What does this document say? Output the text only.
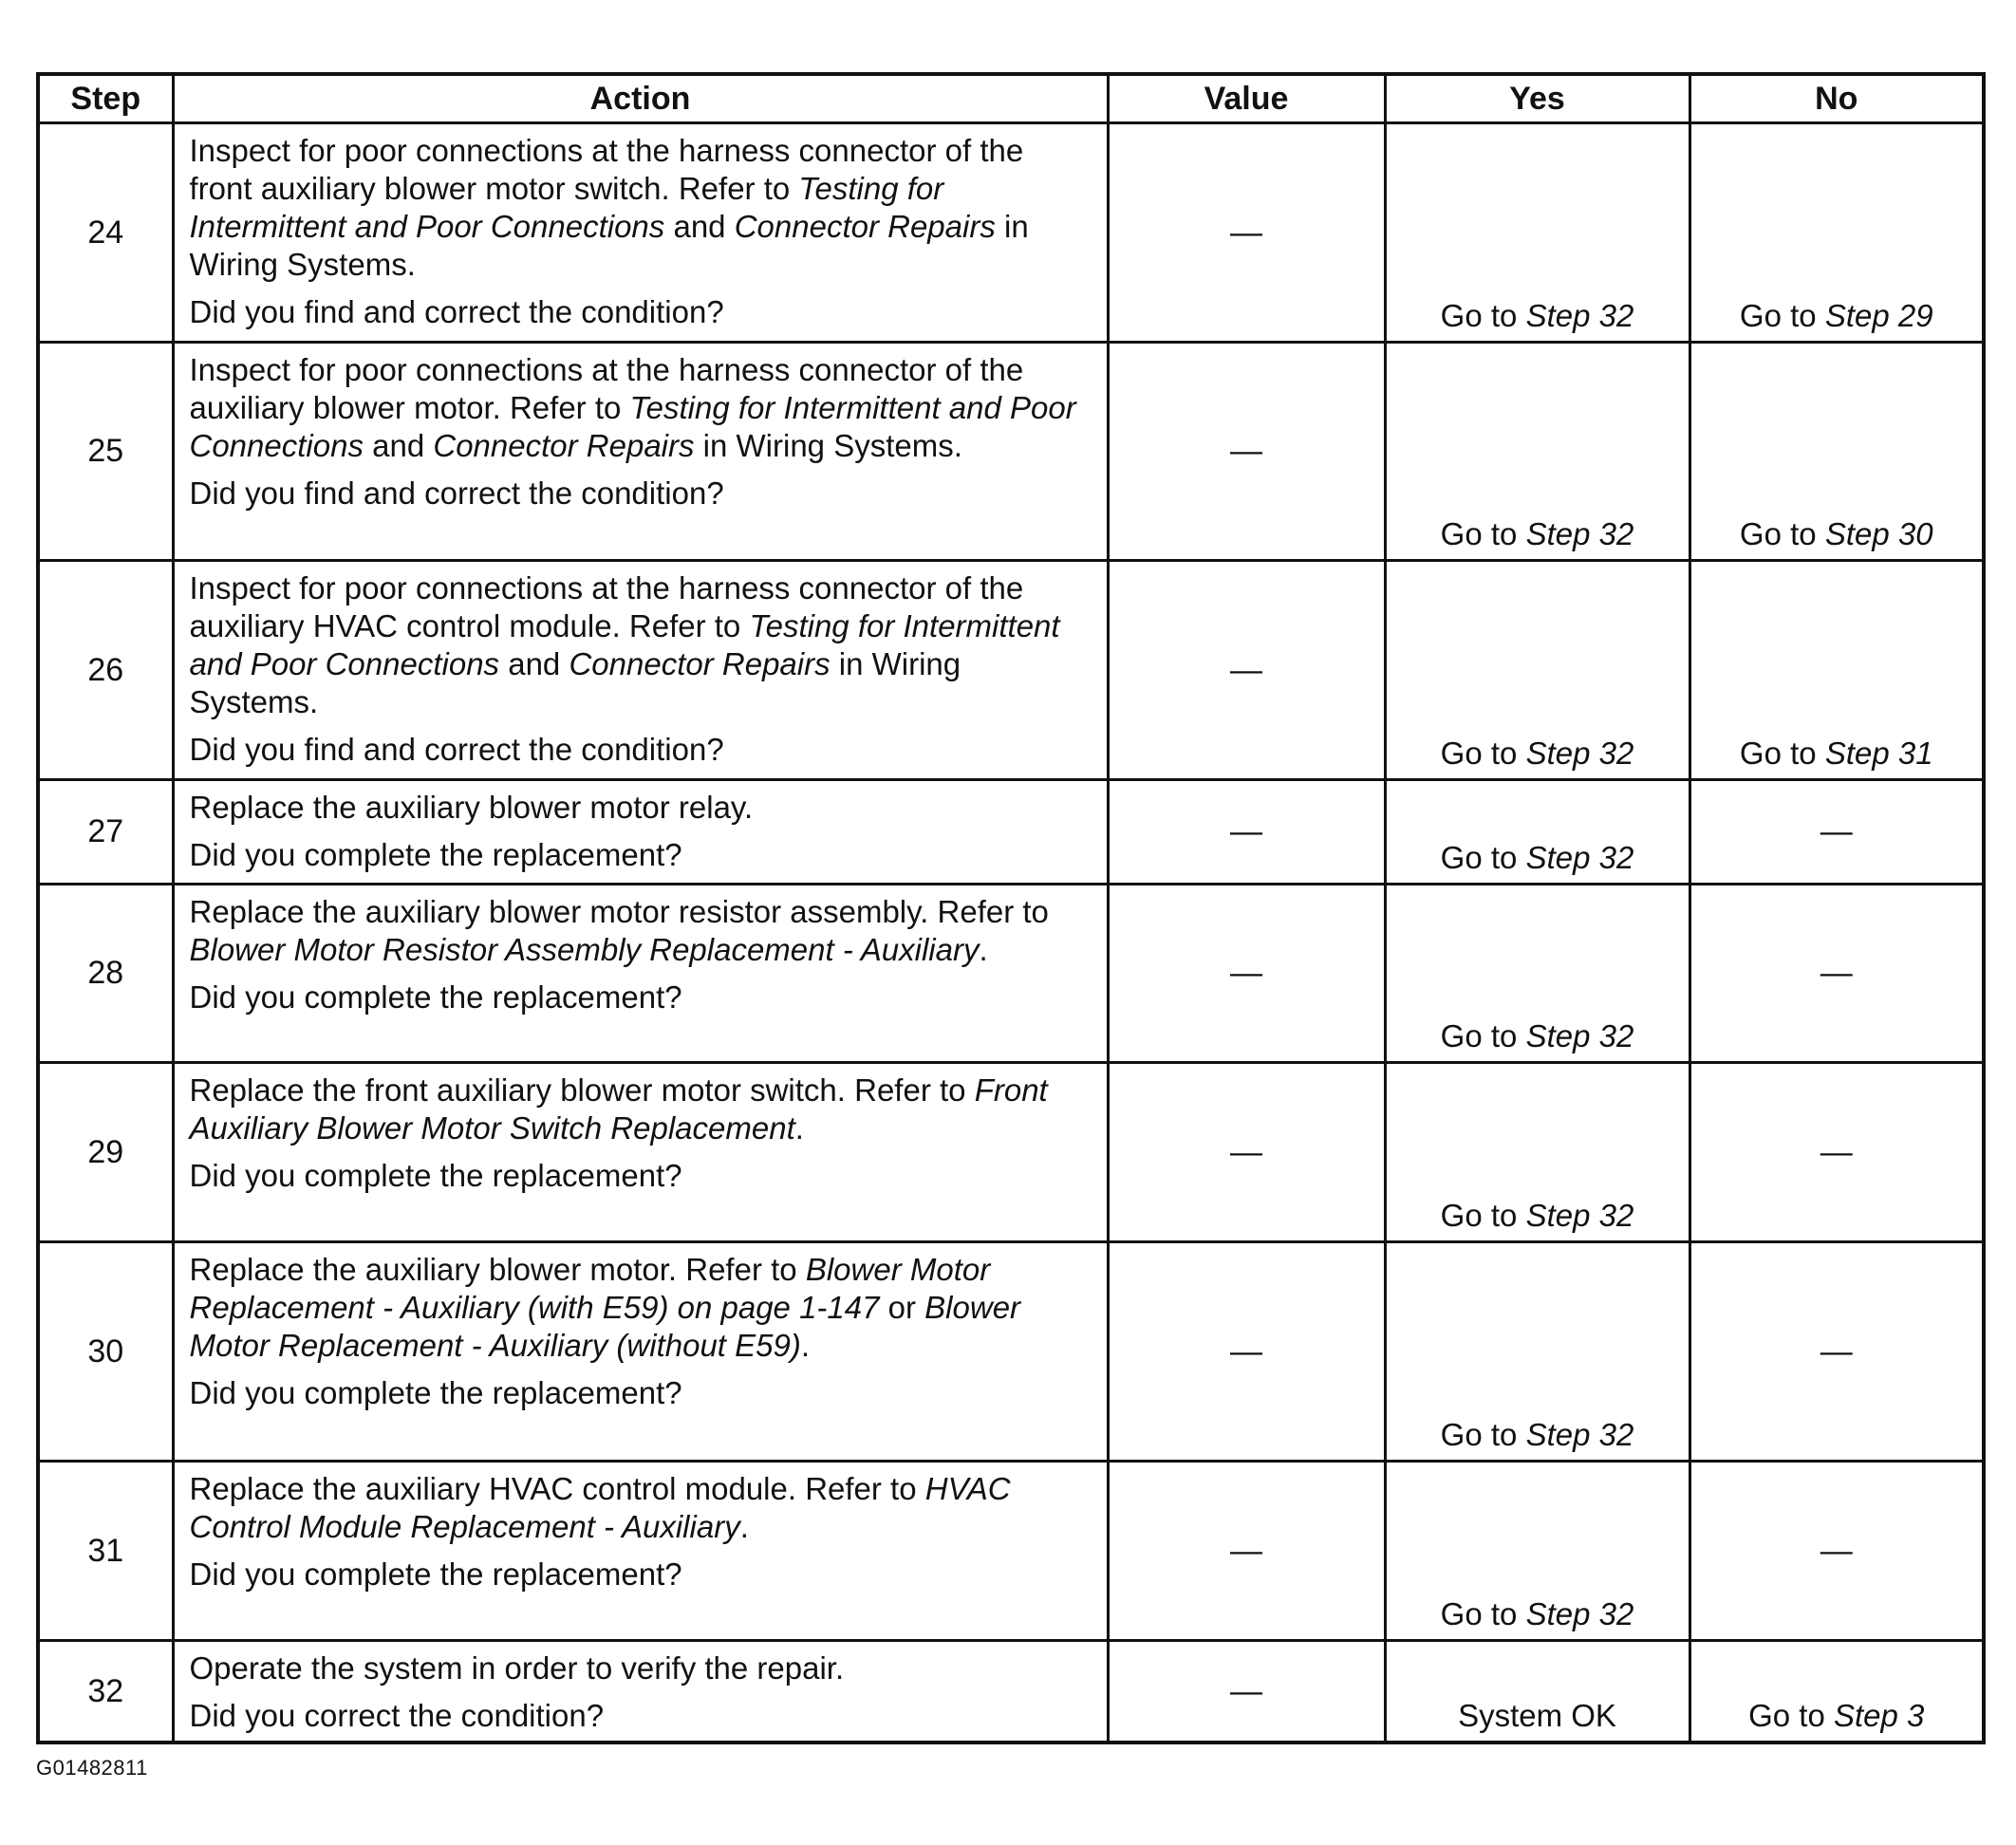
Step	Action	Value	Yes	No
24	Inspect for poor connections at the harness connector of the front auxiliary blower motor switch. Refer to Testing for Intermittent and Poor Connections and Connector Repairs in Wiring Systems.
Did you find and correct the condition?	—	Go to Step 32	Go to Step 29
25	Inspect for poor connections at the harness connector of the auxiliary blower motor. Refer to Testing for Intermittent and Poor Connections and Connector Repairs in Wiring Systems.
Did you find and correct the condition?	—	Go to Step 32	Go to Step 30
26	Inspect for poor connections at the harness connector of the auxiliary HVAC control module. Refer to Testing for Intermittent and Poor Connections and Connector Repairs in Wiring Systems.
Did you find and correct the condition?	—	Go to Step 32	Go to Step 31
27	Replace the auxiliary blower motor relay.
Did you complete the replacement?	—	Go to Step 32	—
28	Replace the auxiliary blower motor resistor assembly. Refer to Blower Motor Resistor Assembly Replacement - Auxiliary.
Did you complete the replacement?	—	Go to Step 32	—
29	Replace the front auxiliary blower motor switch. Refer to Front Auxiliary Blower Motor Switch Replacement.
Did you complete the replacement?	—	Go to Step 32	—
30	Replace the auxiliary blower motor. Refer to Blower Motor Replacement - Auxiliary (with E59) on page 1-147 or Blower Motor Replacement - Auxiliary (without E59).
Did you complete the replacement?	—	Go to Step 32	—
31	Replace the auxiliary HVAC control module. Refer to HVAC Control Module Replacement - Auxiliary.
Did you complete the replacement?	—	Go to Step 32	—
32	Operate the system in order to verify the repair.
Did you correct the condition?	—	System OK	Go to Step 3
G01482811
